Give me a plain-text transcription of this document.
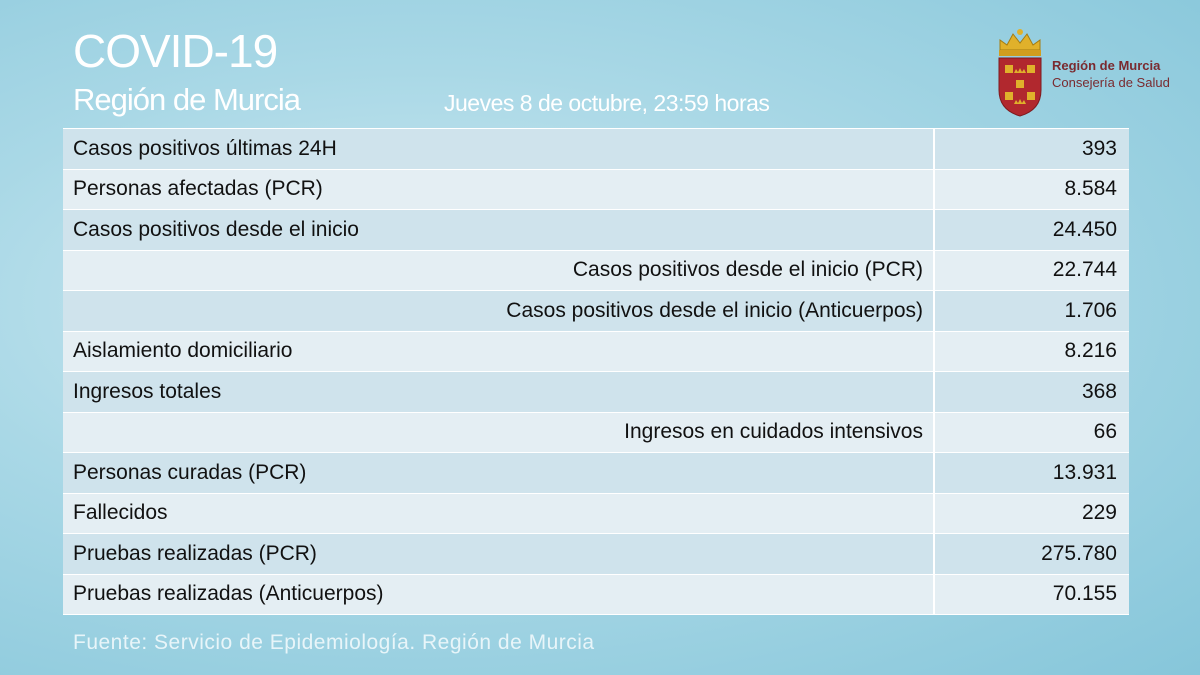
COVID-19
Región de Murcia	Jueves 8 de octubre, 23:59 horas
Región de Murcia
Consejería de Salud
Casos positivos últimas 24H	393
Personas afectadas (PCR)	8.584
Casos positivos desde el inicio	24.450
Casos positivos desde el inicio (PCR)	22.744
Casos positivos desde el inicio (Anticuerpos)	1.706
Aislamiento domiciliario	8.216
Ingresos totales	368
Ingresos en cuidados intensivos	66
Personas curadas (PCR)	13.931
Fallecidos	229
Pruebas realizadas (PCR)	275.780
Pruebas realizadas (Anticuerpos)	70.155
Fuente: Servicio de Epidemiología. Región de Murcia
